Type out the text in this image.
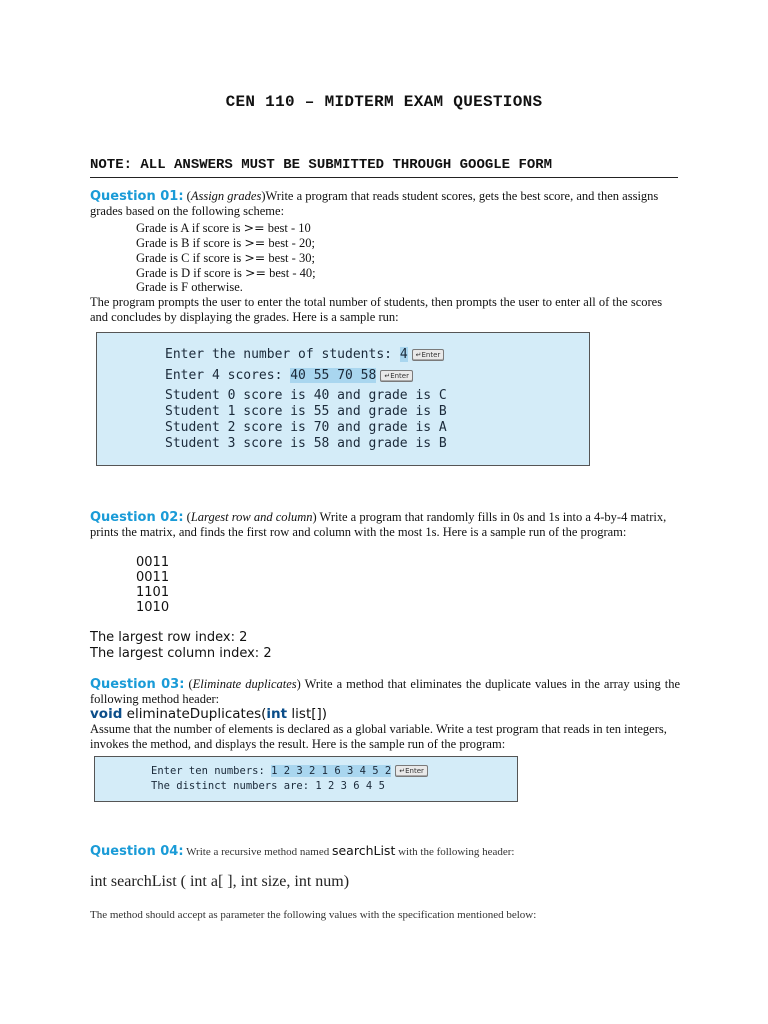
CEN 110 – MIDTERM EXAM QUESTIONS
NOTE: ALL ANSWERS MUST BE SUBMITTED THROUGH GOOGLE FORM
Question 01: (Assign grades)Write a program that reads student scores, gets the best score, and then assigns grades based on the following scheme:
Grade is A if score is >= best - 10
Grade is B if score is >= best - 20;
Grade is C if score is >= best - 30;
Grade is D if score is >= best - 40;
Grade is F otherwise.
The program prompts the user to enter the total number of students, then prompts the user to enter all of the scores and concludes by displaying the grades. Here is a sample run:
Enter the number of students: 4 ↵Enter
Enter 4 scores: 40 55 70 58 ↵Enter
Student 0 score is 40 and grade is C
Student 1 score is 55 and grade is B
Student 2 score is 70 and grade is A
Student 3 score is 58 and grade is B
Question 02: (Largest row and column) Write a program that randomly fills in 0s and 1s into a 4-by-4 matrix, prints the matrix, and finds the first row and column with the most 1s. Here is a sample run of the program:
0011
0011
1101
1010
The largest row index: 2
The largest column index: 2
Question 03: (Eliminate duplicates) Write a method that eliminates the duplicate values in the array using the following method header:
void eliminateDuplicates(int list[])
Assume that the number of elements is declared as a global variable. Write a test program that reads in ten integers, invokes the method, and displays the result. Here is the sample run of the program:
Enter ten numbers: 1 2 3 2 1 6 3 4 5 2 ↵Enter
The distinct numbers are: 1 2 3 6 4 5
Question 04: Write a recursive method named searchList with the following header:
int searchList ( int a[ ], int size, int num)
The method should accept as parameter the following values with the specification mentioned below:
